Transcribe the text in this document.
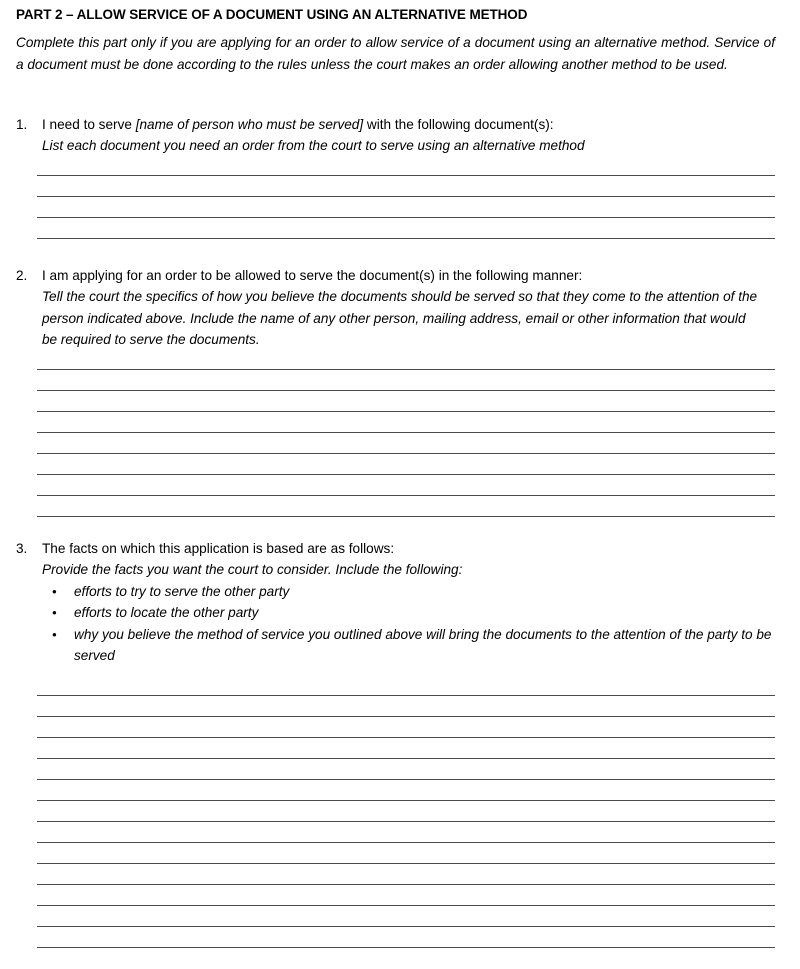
PART 2 – ALLOW SERVICE OF A DOCUMENT USING AN ALTERNATIVE METHOD
Complete this part only if you are applying for an order to allow service of a document using an alternative method. Service of a document must be done according to the rules unless the court makes an order allowing another method to be used.
1.	I need to serve [name of person who must be served] with the following document(s):
List each document you need an order from the court to serve using an alternative method
2.	I am applying for an order to be allowed to serve the document(s) in the following manner:
Tell the court the specifics of how you believe the documents should be served so that they come to the attention of the person indicated above. Include the name of any other person, mailing address, email or other information that would be required to serve the documents.
3.	The facts on which this application is based are as follows:
Provide the facts you want the court to consider. Include the following:
• efforts to try to serve the other party
• efforts to locate the other party
• why you believe the method of service you outlined above will bring the documents to the attention of the party to be served
